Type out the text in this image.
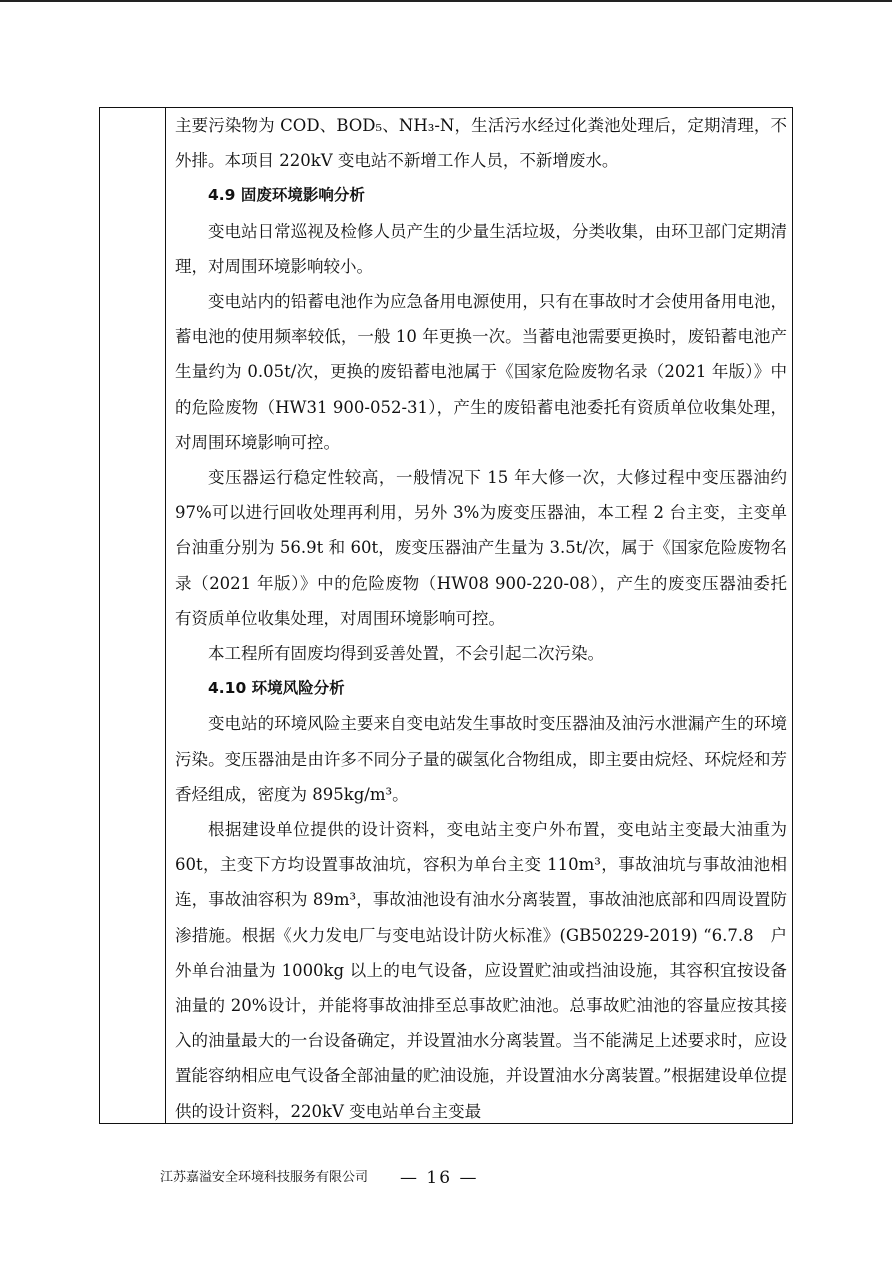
主要污染物为 COD、BOD₅、NH₃-N，生活污水经过化粪池处理后，定期清理，不外排。本项目 220kV 变电站不新增工作人员，不新增废水。

4.9 固废环境影响分析

变电站日常巡视及检修人员产生的少量生活垃圾，分类收集，由环卫部门定期清理，对周围环境影响较小。

变电站内的铅蓄电池作为应急备用电源使用，只有在事故时才会使用备用电池，蓄电池的使用频率较低，一般 10 年更换一次。当蓄电池需要更换时，废铅蓄电池产生量约为 0.05t/次，更换的废铅蓄电池属于《国家危险废物名录（2021 年版）》中的危险废物（HW31 900-052-31），产生的废铅蓄电池委托有资质单位收集处理，对周围环境影响可控。

变压器运行稳定性较高，一般情况下 15 年大修一次，大修过程中变压器油约 97%可以进行回收处理再利用，另外 3%为废变压器油，本工程 2 台主变，主变单台油重分别为 56.9t 和 60t，废变压器油产生量为 3.5t/次，属于《国家危险废物名录（2021 年版）》中的危险废物（HW08 900-220-08），产生的废变压器油委托有资质单位收集处理，对周围环境影响可控。

本工程所有固废均得到妥善处置，不会引起二次污染。

4.10 环境风险分析

变电站的环境风险主要来自变电站发生事故时变压器油及油污水泄漏产生的环境污染。变压器油是由许多不同分子量的碳氢化合物组成，即主要由烷烃、环烷烃和芳香烃组成，密度为 895kg/m³。

根据建设单位提供的设计资料，变电站主变户外布置，变电站主变最大油重为 60t，主变下方均设置事故油坑，容积为单台主变 110m³，事故油坑与事故油池相连，事故油容积为 89m³，事故油池设有油水分离装置，事故油池底部和四周设置防渗措施。根据《火力发电厂与变电站设计防火标准》(GB50229-2019) “6.7.8　户外单台油量为 1000kg 以上的电气设备，应设置贮油或挡油设施，其容积宜按设备油量的 20%设计，并能将事故油排至总事故贮油池。总事故贮油池的容量应按其接入的油量最大的一台设备确定，并设置油水分离装置。当不能满足上述要求时，应设置能容纳相应电气设备全部油量的贮油设施，并设置油水分离装置。”根据建设单位提供的设计资料，220kV 变电站单台主变最

江苏嘉溢安全环境科技服务有限公司 — 16 —
